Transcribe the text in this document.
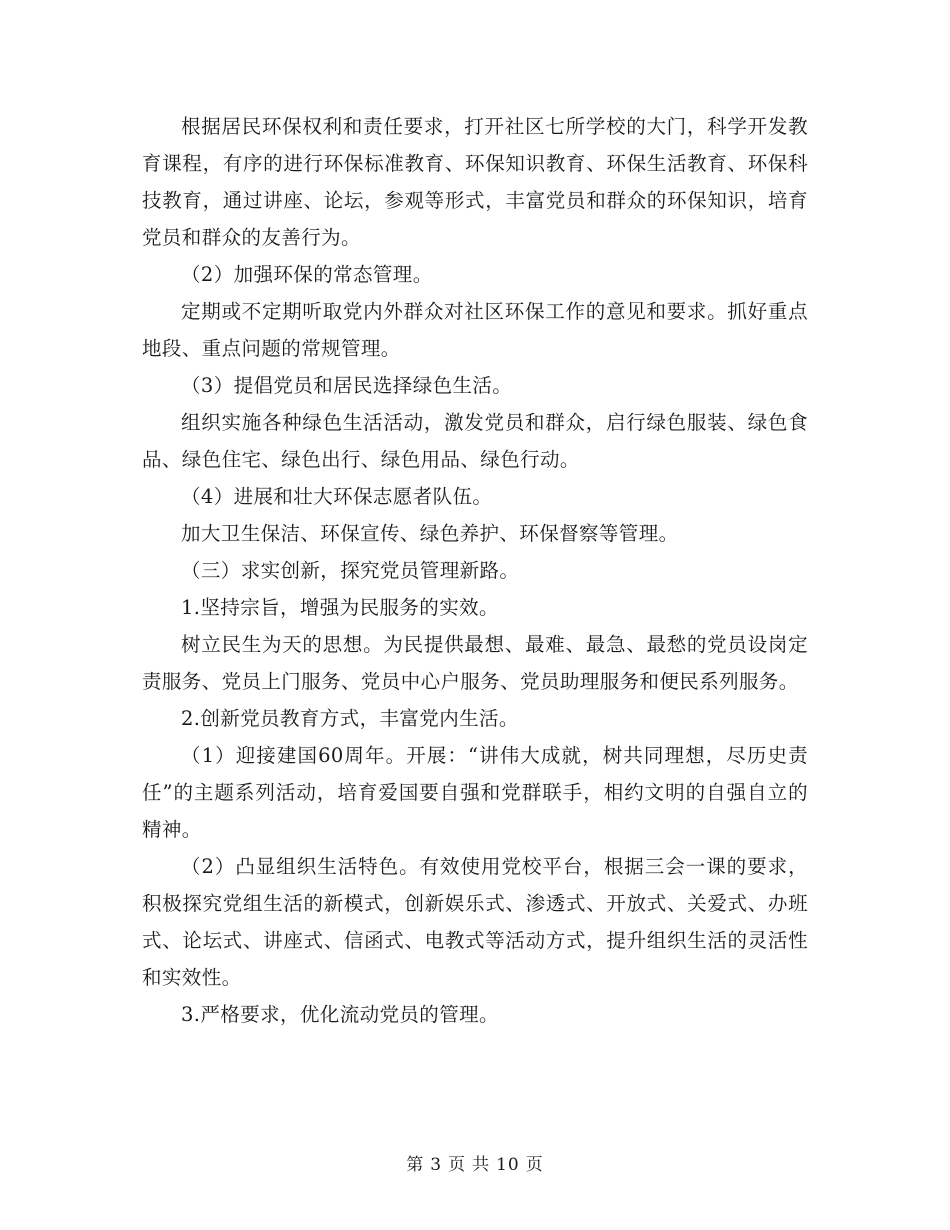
根据居民环保权利和责任要求，打开社区七所学校的大门，科学开发教育课程，有序的进行环保标准教育、环保知识教育、环保生活教育、环保科技教育，通过讲座、论坛，参观等形式，丰富党员和群众的环保知识，培育党员和群众的友善行为。

（2）加强环保的常态管理。

定期或不定期听取党内外群众对社区环保工作的意见和要求。抓好重点地段、重点问题的常规管理。

（3）提倡党员和居民选择绿色生活。

组织实施各种绿色生活活动，激发党员和群众，启行绿色服装、绿色食品、绿色住宅、绿色出行、绿色用品、绿色行动。

（4）进展和壮大环保志愿者队伍。

加大卫生保洁、环保宣传、绿色养护、环保督察等管理。

（三）求实创新，探究党员管理新路。

1.坚持宗旨，增强为民服务的实效。

树立民生为天的思想。为民提供最想、最难、最急、最愁的党员设岗定责服务、党员上门服务、党员中心户服务、党员助理服务和便民系列服务。

2.创新党员教育方式，丰富党内生活。

（1）迎接建国60周年。开展：“讲伟大成就，树共同理想，尽历史责任”的主题系列活动，培育爱国要自强和党群联手，相约文明的自强自立的精神。

（2）凸显组织生活特色。有效使用党校平台，根据三会一课的要求，积极探究党组生活的新模式，创新娱乐式、渗透式、开放式、关爱式、办班式、论坛式、讲座式、信函式、电教式等活动方式，提升组织生活的灵活性和实效性。

3.严格要求，优化流动党员的管理。

第 3 页 共 10 页
